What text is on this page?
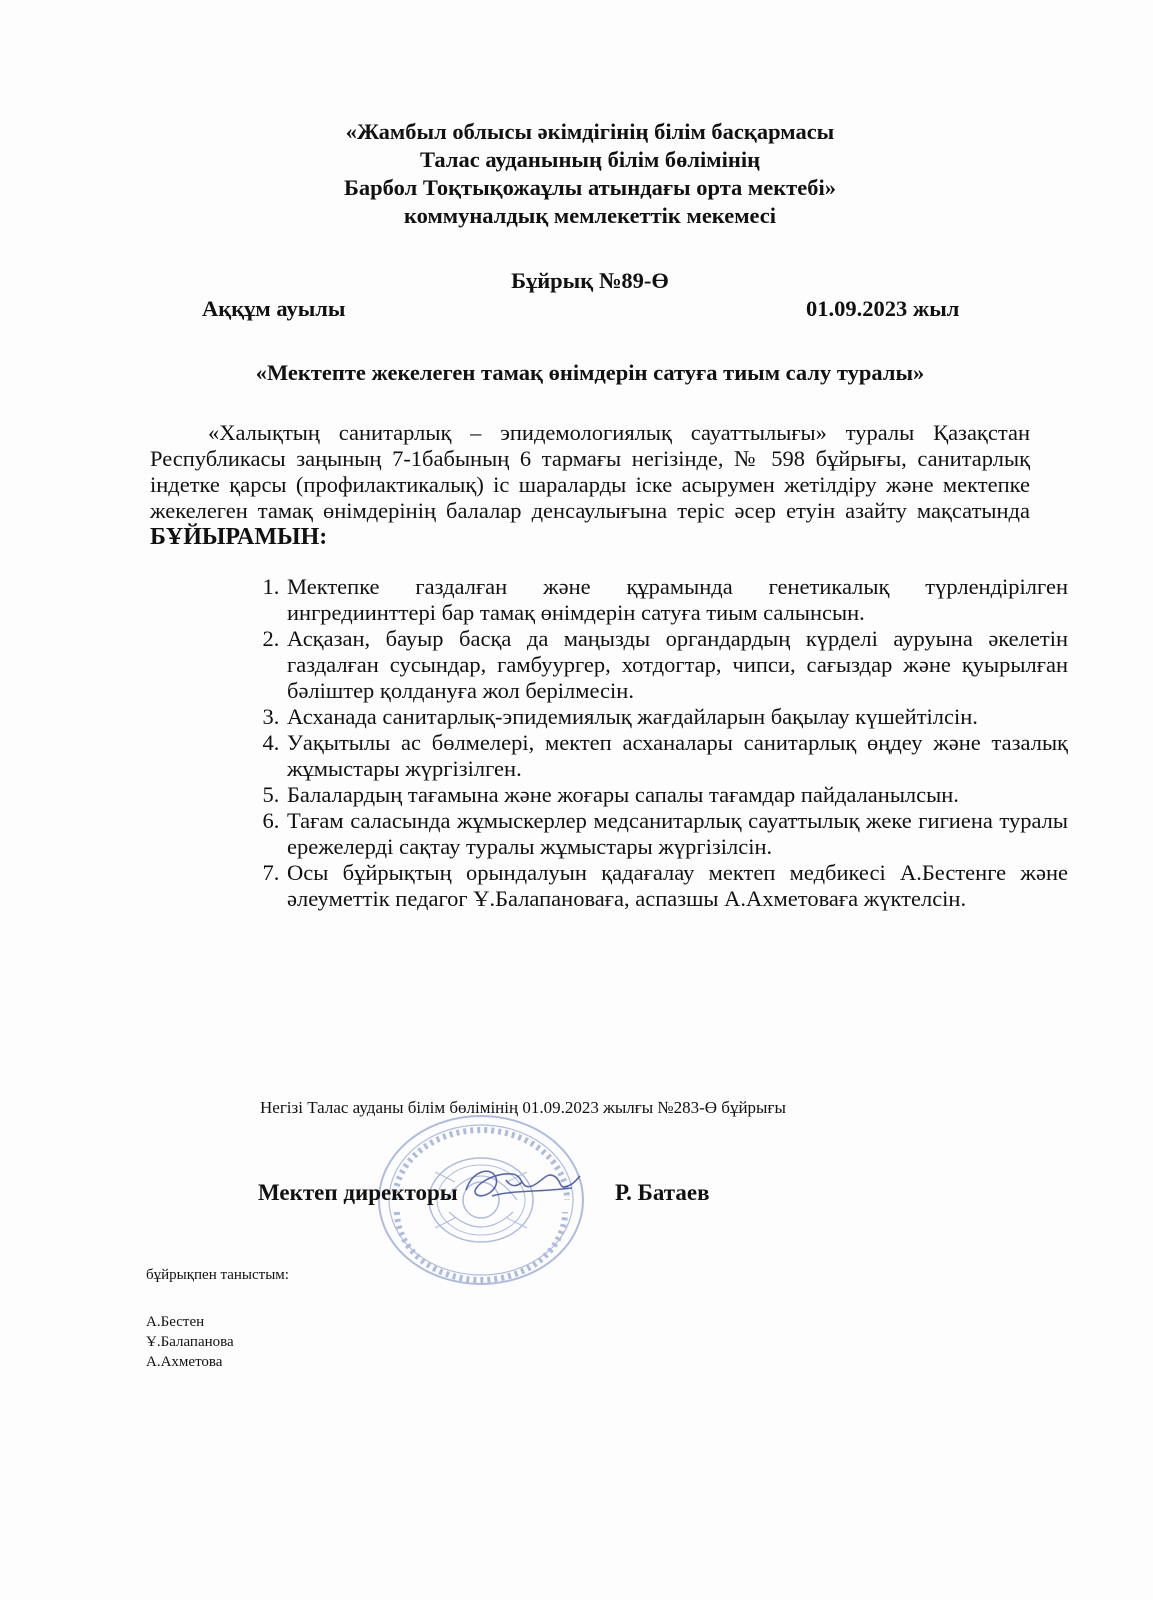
«Жамбыл облысы әкімдігінің білім басқармасы
Талас ауданының білім бөлімінің
Барбол Тоқтықожаұлы атындағы орта мектебі»
коммуналдық мемлекеттік мекемесі
Бұйрық №89-Ө
Аққұм ауылы	01.09.2023 жыл
«Мектепте жекелеген тамақ өнімдерін сатуға тиым салу туралы»

«Халықтың санитарлық – эпидемологиялық сауаттылығы» туралы Қазақстан Республикасы заңының 7-1бабының 6 тармағы негізінде, № 598 бұйрығы, санитарлық індетке қарсы (профилактикалық) іс шараларды іске асырумен жетілдіру және мектепке жекелеген тамақ өнімдерінің балалар денсаулығына теріс әсер етуін азайту мақсатында БҰЙЫРАМЫН:

1. Мектепке газдалған және құрамында генетикалық түрлендірілген ингредиинттері бар тамақ өнімдерін сатуға тиым салынсын.
2. Асқазан, бауыр басқа да маңызды органдардың күрделі ауруына әкелетін газдалған сусындар, гамбуургер, хотдогтар, чипси, сағыздар және қуырылған бәліштер қолдануға жол берілмесін.
3. Асханада санитарлық-эпидемиялық жағдайларын бақылау күшейтілсін.
4. Уақытылы ас бөлмелері, мектеп асханалары санитарлық өңдеу және тазалық жұмыстары жүргізілген.
5. Балалардың тағамына және жоғары сапалы тағамдар пайдаланылсын.
6. Тағам саласында жұмыскерлер медсанитарлық сауаттылық жеке гигиена туралы ережелерді сақтау туралы жұмыстары жүргізілсін.
7. Осы бұйрықтың орындалуын қадағалау мектеп медбикесі А.Бестенге және әлеуметтік педагог Ұ.Балапановаға, аспазшы А.Ахметоваға жүктелсін.
Негізі Талас ауданы білім бөлімінің 01.09.2023 жылғы №283-Ө бұйрығы
Мектеп директоры	Р. Батаев
бұйрықпен таныстым:
А.Бестен
Ұ.Балапанова
А.Ахметова
